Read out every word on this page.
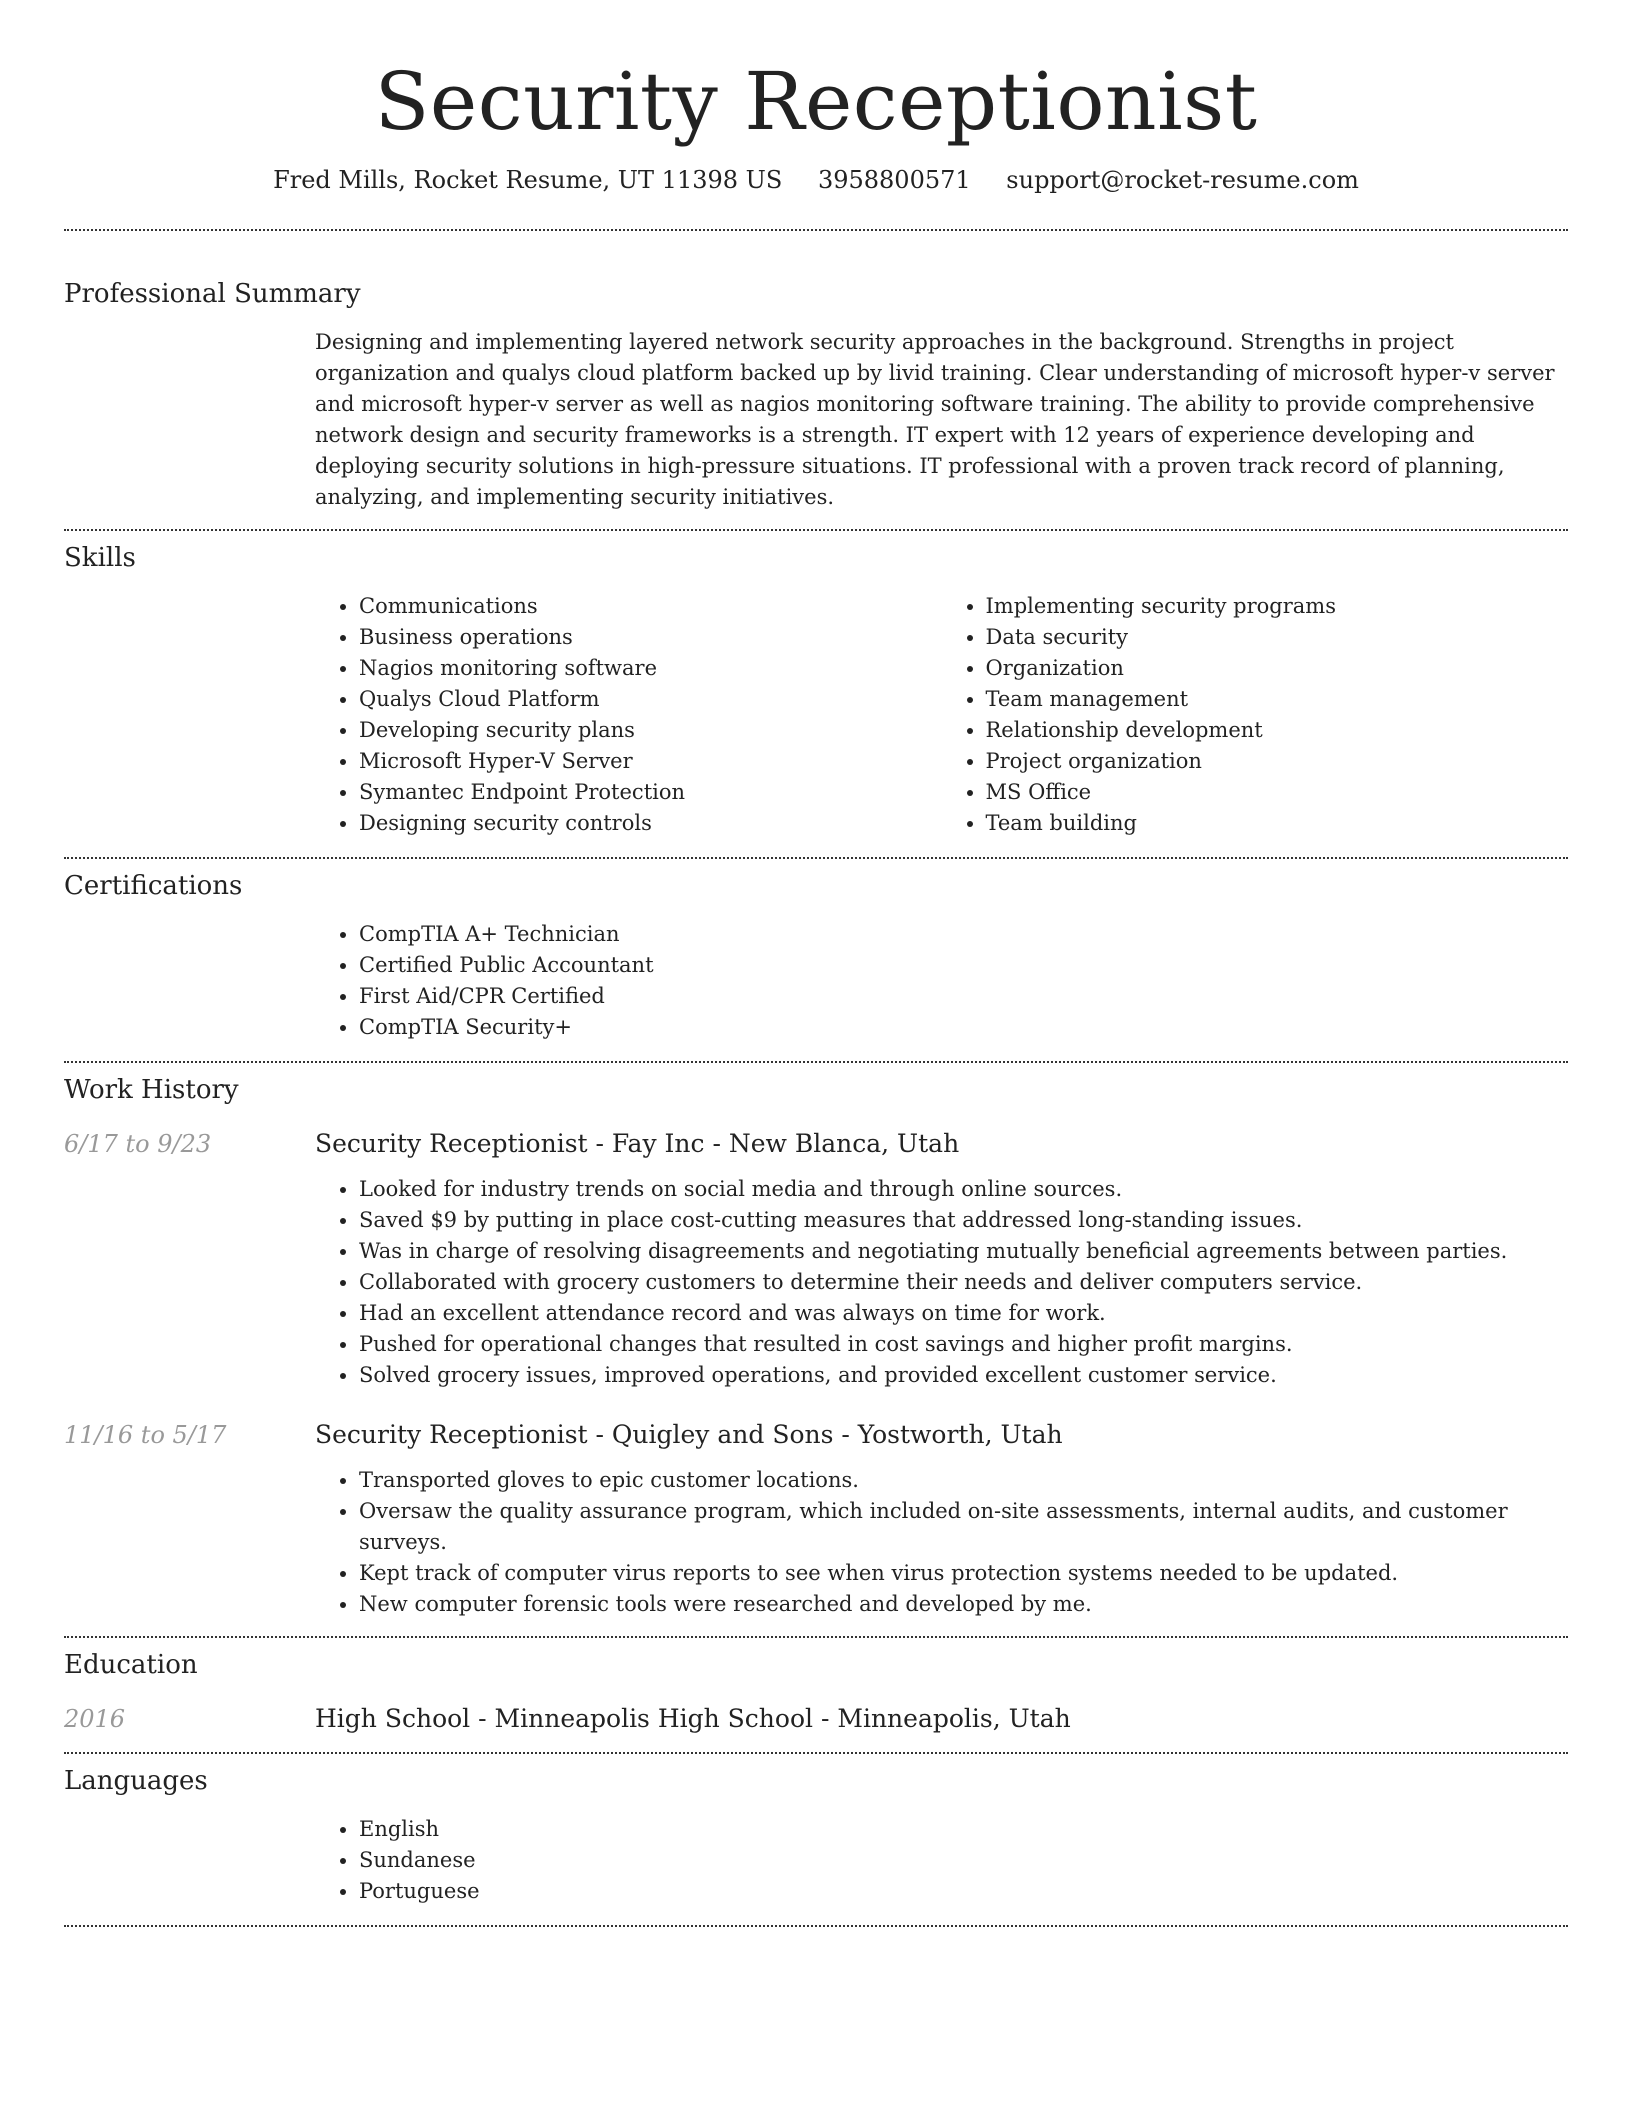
Security Receptionist
Fred Mills, Rocket Resume, UT 11398 US 3958800571 support@rocket-resume.com
Professional Summary

Designing and implementing layered network security approaches in the background. Strengths in project organization and qualys cloud platform backed up by livid training. Clear understanding of microsoft hyper-v server and microsoft hyper-v server as well as nagios monitoring software training. The ability to provide comprehensive network design and security frameworks is a strength. IT expert with 12 years of experience developing and deploying security solutions in high-pressure situations. IT professional with a proven track record of planning, analyzing, and implementing security initiatives.

Skills
• Communications
• Business operations
• Nagios monitoring software
• Qualys Cloud Platform
• Developing security plans
• Microsoft Hyper-V Server
• Symantec Endpoint Protection
• Designing security controls
• Implementing security programs
• Data security
• Organization
• Team management
• Relationship development
• Project organization
• MS Office
• Team building
Certifications
• CompTIA A+ Technician
• Certified Public Accountant
• First Aid/CPR Certified
• CompTIA Security+
Work History
6/17 to 9/23	Security Receptionist - Fay Inc - New Blanca, Utah
• Looked for industry trends on social media and through online sources.
• Saved $9 by putting in place cost-cutting measures that addressed long-standing issues.
• Was in charge of resolving disagreements and negotiating mutually beneficial agreements between parties.
• Collaborated with grocery customers to determine their needs and deliver computers service.
• Had an excellent attendance record and was always on time for work.
• Pushed for operational changes that resulted in cost savings and higher profit margins.
• Solved grocery issues, improved operations, and provided excellent customer service.
11/16 to 5/17	Security Receptionist - Quigley and Sons - Yostworth, Utah
• Transported gloves to epic customer locations.
• Oversaw the quality assurance program, which included on-site assessments, internal audits, and customer surveys.
• Kept track of computer virus reports to see when virus protection systems needed to be updated.
• New computer forensic tools were researched and developed by me.
Education
2016	High School - Minneapolis High School - Minneapolis, Utah
Languages
• English
• Sundanese
• Portuguese
